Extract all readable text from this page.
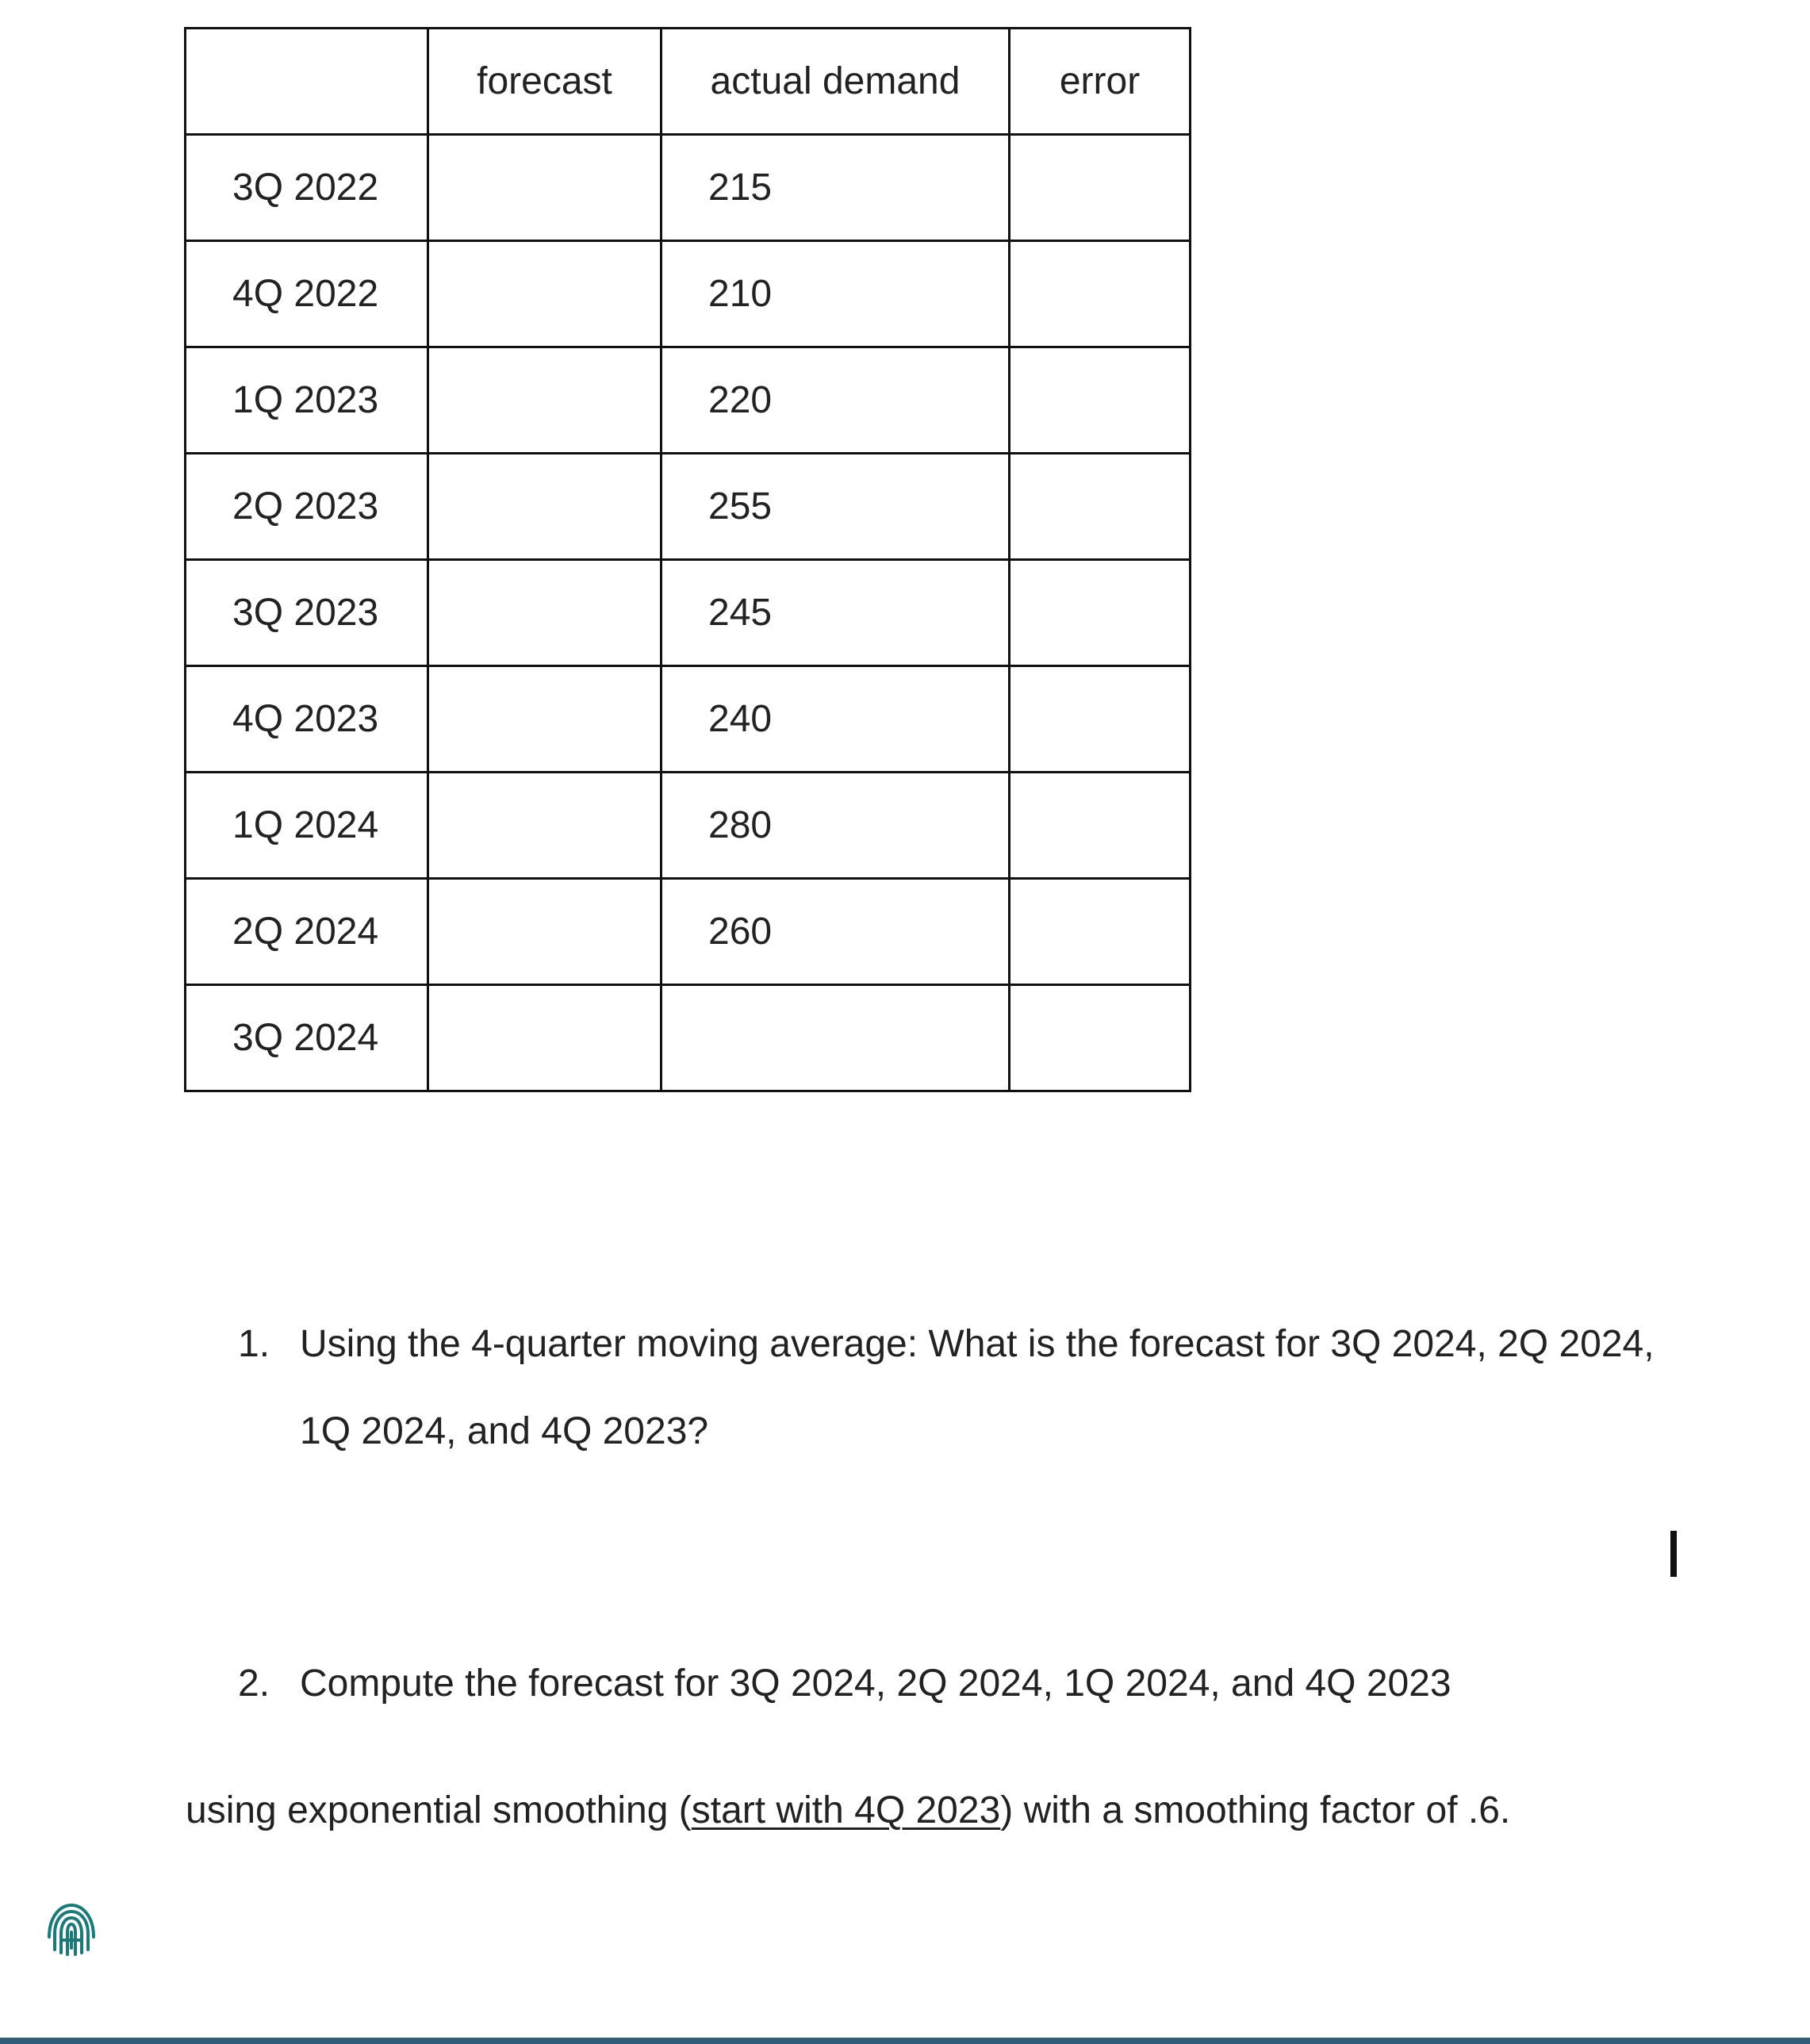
	forecast	actual demand	error
3Q 2022		215	
4Q 2022		210	
1Q 2023		220	
2Q 2023		255	
3Q 2023		245	
4Q 2023		240	
1Q 2024		280	
2Q 2024		260	
3Q 2024			
1. Using the 4-quarter moving average: What is the forecast for 3Q 2024, 2Q 2024,
2. Compute the forecast for 3Q 2024, 2Q 2024, 1Q 2024, and 4Q 2023
1Q 2024, and 4Q 2023?
using exponential smoothing (start with 4Q 2023) with a smoothing factor of .6.
